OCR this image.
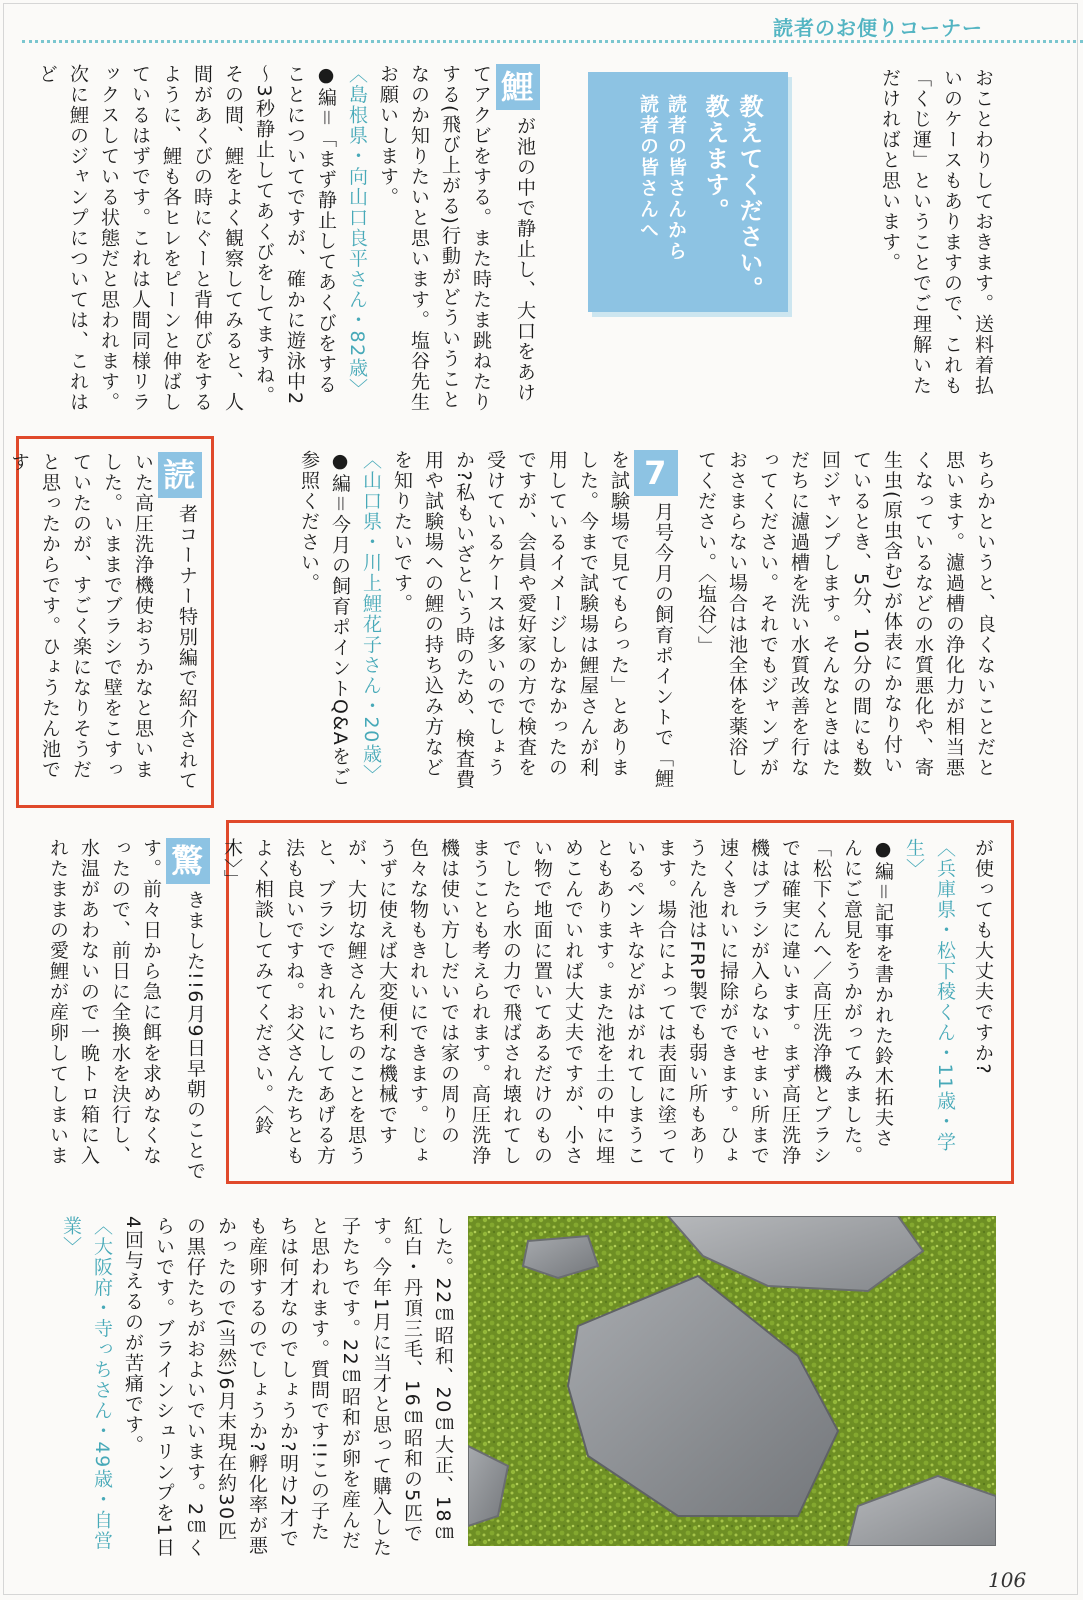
読者のお便りコーナー
教えてください。
教えます。
読者の皆さんから
読者の皆さんへ	おことわりしておきます。送料着払いのケースもありますので、これも「くじ運」ということでご理解いただければと思います。

鯉が池の中で静止し、大口をあけてアクビをする。また時たま跳ねたりする(飛び上がる)行動がどういうことなのか知りたいと思います。塩谷先生お願いします。
〈島根県・向山口良平さん・82歳〉
●編＝「まず静止してあくびをすることについてですが、確かに遊泳中2～3秒静止してあくびをしてますね。その間、鯉をよく観察してみると、人間があくびの時にぐーと背伸びをするように、鯉も各ヒレをピーンと伸ばしているはずです。これは人間同様リラックスしている状態だと思われます。次に鯉のジャンプについては、これはど

ちらかというと、良くないことだと思います。濾過槽の浄化力が相当悪くなっているなどの水質悪化や、寄生虫(原虫含む)が体表にかなり付いているとき、5分、10分の間にも数回ジャンプします。そんなときはただちに濾過槽を洗い水質改善を行なってください。それでもジャンプがおさまらない場合は池全体を薬浴してください。〈塩谷〉」

7月号今月の飼育ポイントで「鯉を試験場で見てもらった」とありました。今まで試験場は鯉屋さんが利用しているイメージしかなかったのですが、会員や愛好家の方で検査を受けているケースは多いのでしょうか?私もいざという時のため、検査費用や試験場への鯉の持ち込み方などを知りたいです。
〈山口県・川上鯉花子さん・20歳〉
●編＝今月の飼育ポイントQ&Aをご参照ください。
読者コーナー特別編で紹介されていた高圧洗浄機使おうかなと思いました。いままでブラシで壁をこすっていたのが、すごく楽になりそうだと思ったからです。ひょうたん池です

が使っても大丈夫ですか?

〈兵庫県・松下稜くん・11歳・学生〉
●編＝記事を書かれた鈴木拓夫さんにご意見をうかがってみました。「松下くんへ／高圧洗浄機とブラシでは確実に違います。まず高圧洗浄機はブラシが入らないせまい所まで速くきれいに掃除ができます。ひょうたん池はFRP製でも弱い所もあります。場合によっては表面に塗っているペンキなどがはがれてしまうこともあります。また池を土の中に埋めこんでいれば大丈夫ですが、小さい物で地面に置いてあるだけのものでしたら水の力で飛ばされ壊れてしまうことも考えられます。高圧洗浄機は使い方しだいでは家の周りの色々な物もきれいにできます。じょうずに使えば大変便利な機械ですが、大切な鯉さんたちのことを思うと、ブラシできれいにしてあげる方法も良いですね。お父さんたちともよく相談してみてください。〈鈴木〉」
驚きました!!6月9日早朝のことです。前々日から急に餌を求めなくなったので、前日に全換水を決行し、水温があわないので一晩トロ箱に入れたままの愛鯉が産卵してしまいま
した。22㎝昭和、20㎝大正、18㎝紅白・丹頂三毛、16㎝昭和の5匹です。今年1月に当才と思って購入した子たちです。22㎝昭和が卵を産んだと思われます。質問です!!この子たちは何才なのでしょうか?明け2才でも産卵するのでしょうか?孵化率が悪かったので(当然)6月末現在約30匹の黒仔たちがおよいでいます。2㎝くらいです。ブラインシュリンプを1日4回与えるのが苦痛です。
〈大阪府・寺っちさん・49歳・自営業〉
106
